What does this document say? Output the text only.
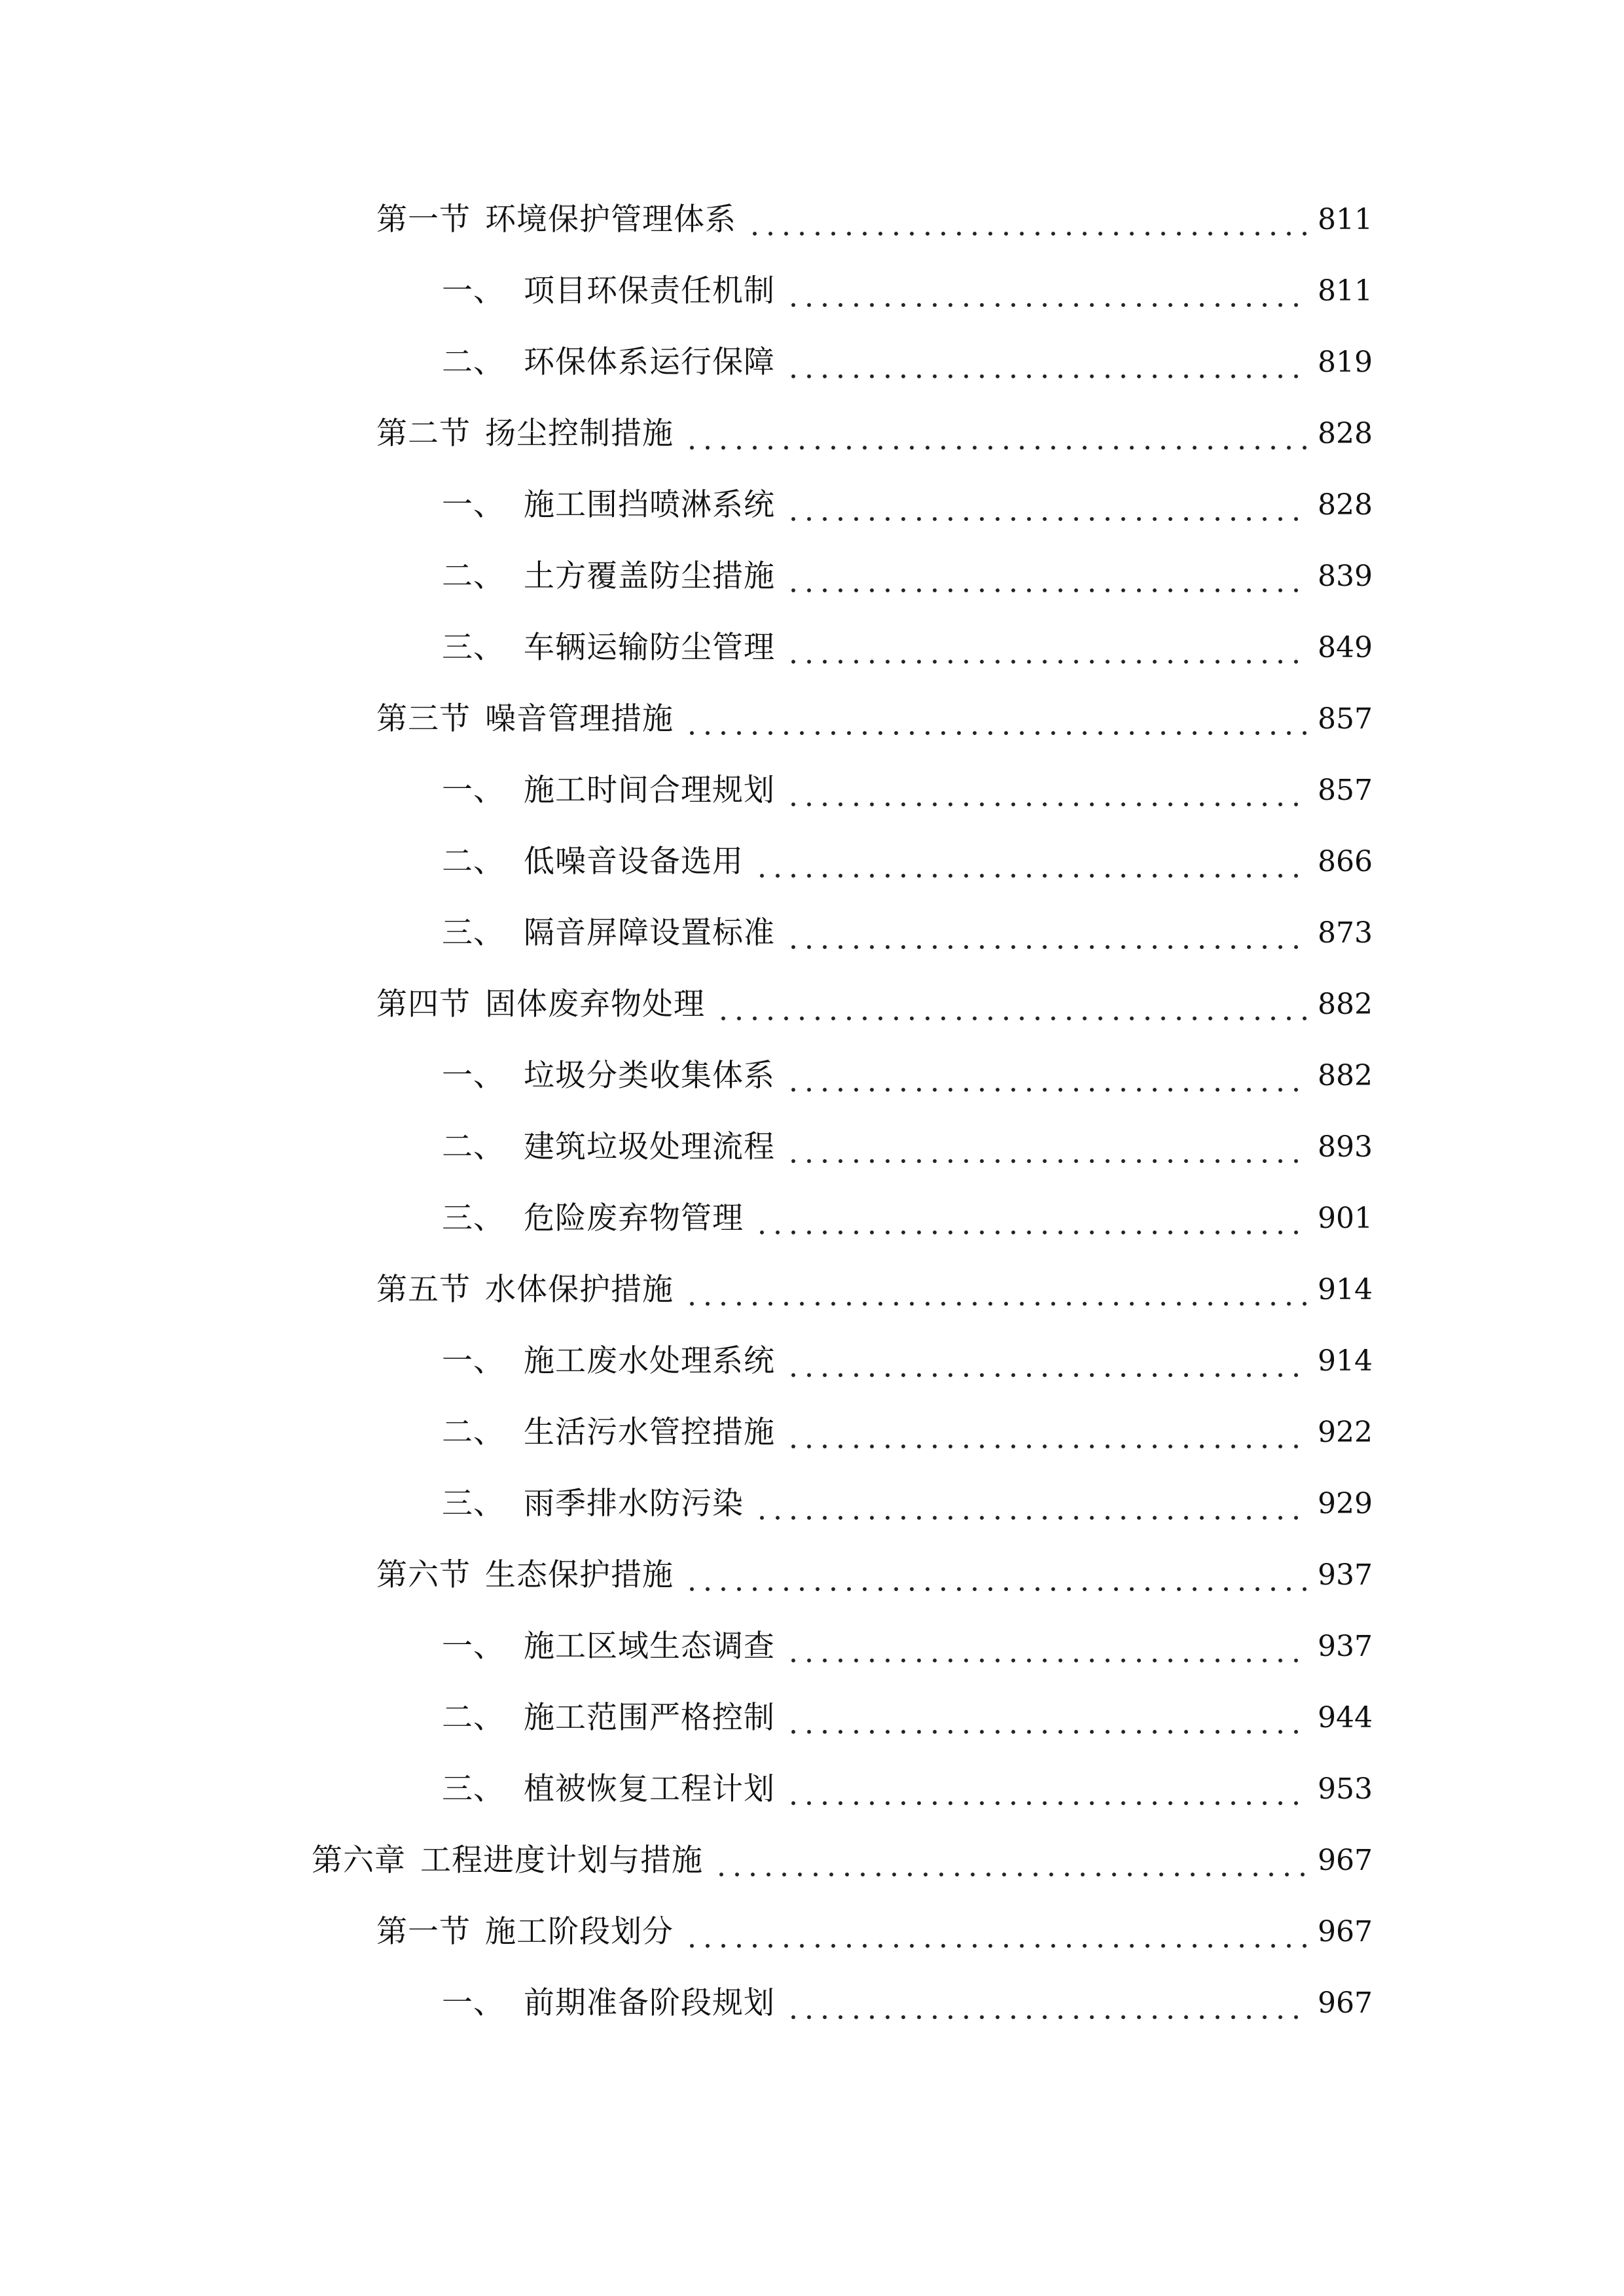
第一节 环境保护管理体系	811
一、 项目环保责任机制	811
二、 环保体系运行保障	819
第二节 扬尘控制措施	828
一、 施工围挡喷淋系统	828
二、 土方覆盖防尘措施	839
三、 车辆运输防尘管理	849
第三节 噪音管理措施	857
一、 施工时间合理规划	857
二、 低噪音设备选用	866
三、 隔音屏障设置标准	873
第四节 固体废弃物处理	882
一、 垃圾分类收集体系	882
二、 建筑垃圾处理流程	893
三、 危险废弃物管理	901
第五节 水体保护措施	914
一、 施工废水处理系统	914
二、 生活污水管控措施	922
三、 雨季排水防污染	929
第六节 生态保护措施	937
一、 施工区域生态调查	937
二、 施工范围严格控制	944
三、 植被恢复工程计划	953
第六章 工程进度计划与措施	967
第一节 施工阶段划分	967
一、 前期准备阶段规划	967
